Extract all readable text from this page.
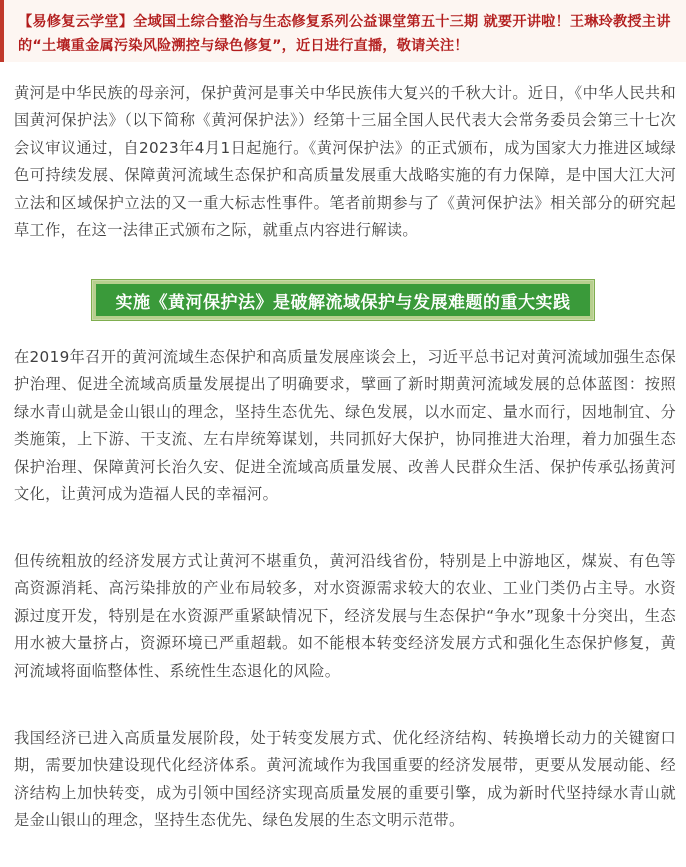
【易修复云学堂】全域国土综合整治与生态修复系列公益课堂第五十三期 就要开讲啦！王琳玲教授主讲的“土壤重金属污染风险溯控与绿色修复”，近日进行直播，敬请关注！
黄河是中华民族的母亲河，保护黄河是事关中华民族伟大复兴的千秋大计。近日，《中华人民共和国黄河保护法》（以下简称《黄河保护法》）经第十三届全国人民代表大会常务委员会第三十七次会议审议通过，自2023年4月1日起施行。《黄河保护法》的正式颁布，成为国家大力推进区域绿色可持续发展、保障黄河流域生态保护和高质量发展重大战略实施的有力保障，是中国大江大河立法和区域保护立法的又一重大标志性事件。笔者前期参与了《黄河保护法》相关部分的研究起草工作，在这一法律正式颁布之际，就重点内容进行解读。
实施《黄河保护法》是破解流域保护与发展难题的重大实践
在2019年召开的黄河流域生态保护和高质量发展座谈会上，习近平总书记对黄河流域加强生态保护治理、促进全流域高质量发展提出了明确要求，擘画了新时期黄河流域发展的总体蓝图：按照绿水青山就是金山银山的理念，坚持生态优先、绿色发展，以水而定、量水而行，因地制宜、分类施策，上下游、干支流、左右岸统筹谋划，共同抓好大保护，协同推进大治理，着力加强生态保护治理、保障黄河长治久安、促进全流域高质量发展、改善人民群众生活、保护传承弘扬黄河文化，让黄河成为造福人民的幸福河。
但传统粗放的经济发展方式让黄河不堪重负，黄河沿线省份，特别是上中游地区，煤炭、有色等高资源消耗、高污染排放的产业布局较多，对水资源需求较大的农业、工业门类仍占主导。水资源过度开发，特别是在水资源严重紧缺情况下，经济发展与生态保护“争水”现象十分突出，生态用水被大量挤占，资源环境已严重超载。如不能根本转变经济发展方式和强化生态保护修复，黄河流域将面临整体性、系统性生态退化的风险。
我国经济已进入高质量发展阶段，处于转变发展方式、优化经济结构、转换增长动力的关键窗口期，需要加快建设现代化经济体系。黄河流域作为我国重要的经济发展带，更要从发展动能、经济结构上加快转变，成为引领中国经济实现高质量发展的重要引擎，成为新时代坚持绿水青山就是金山银山的理念，坚持生态优先、绿色发展的生态文明示范带。
